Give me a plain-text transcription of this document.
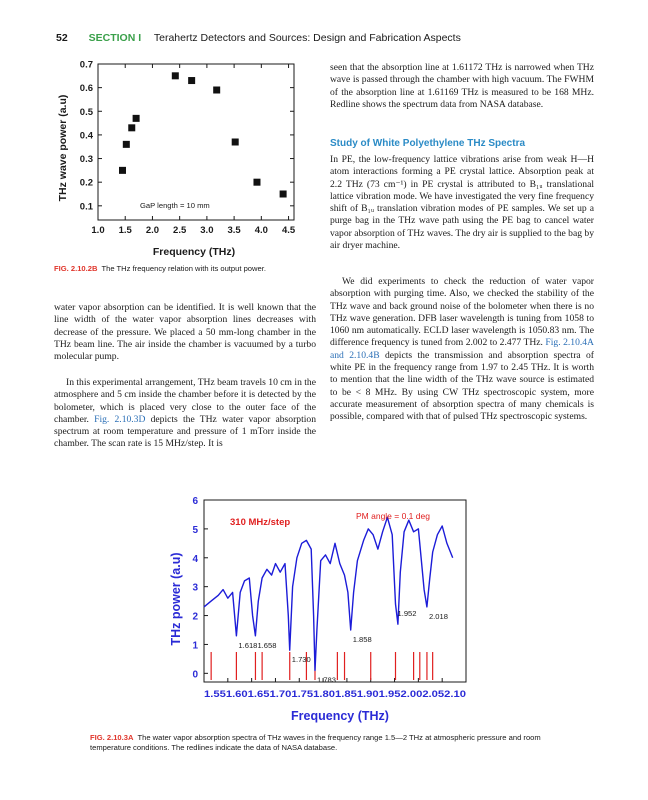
52 SECTION I Terahertz Detectors and Sources: Design and Fabrication Aspects
0.1
0.2
0.3
0.4
0.5
0.6
0.7
1.0 1.5 2.0 2.5 3.0 3.5 4.0 4.5
THz wave power (a.u)
Frequency (THz)
GaP length = 10 mm

FIG. 2.10.2B The THz frequency relation with its output power.

water vapor absorption can be identified. It is well known that the line width of the water vapor absorption lines decreases with decrease of the pressure. We placed a 50 mm-long chamber in the THz beam line. The air inside the chamber is vacuumed by a turbo molecular pump.

In this experimental arrangement, THz beam travels 10 cm in the atmosphere and 5 cm inside the chamber before it is detected by the bolometer, which is placed very close to the outer face of the chamber. Fig. 2.10.3D depicts the THz water vapor absorption spectrum at room temperature and pressure of 1 mTorr inside the chamber. The scan rate is 15 MHz/step. It is

seen that the absorption line at 1.61172 THz is narrowed when THz wave is passed through the chamber with high vacuum. The FWHM of the absorption line at 1.61169 THz is measured to be 168 MHz. Redline shows the spectrum data from NASA database.

Study of White Polyethylene THz Spectra

In PE, the low-frequency lattice vibrations arise from weak H—H atom interactions forming a PE crystal lattice. Absorption peak at 2.2 THz (73 cm⁻¹) in PE crystal is attributed to B₁ᵤ translational lattice vibration mode. We have investigated the very fine frequency shift of B₁ᵤ translation vibration modes of PE samples. We set up a purge bag in the THz wave path using the PE bag to cancel water vapor absorption of THz waves. The dry air is supplied to the bag by air dryer machine.

We did experiments to check the reduction of water vapor absorption with purging time. Also, we checked the stability of the THz wave and back ground noise of the bolometer when there is no THz wave generation. DFB laser wavelength is tuning from 1058 to 1060 nm automatically. ECLD laser wavelength is 1050.83 nm. The difference frequency is tuned from 2.002 to 2.477 THz. Fig. 2.10.4A and 2.10.4B depicts the transmission and absorption spectra of white PE in the frequency range from 1.97 to 2.45 THz. It is worth to mention that the line width of the THz wave source is estimated to be < 8 MHz. By using CW THz spectroscopic system, more accurate measurement of absorption spectra of many chemicals is possible, compared with that of pulsed THz spectroscopic systems.

0
1
2
3
4
5
6
1.618 1.658
1.730
1.783
1.858
1.952 2.018
THz power (a.u)
Frequency (THz)
1.551.601.651.701.751.801.851.901.952.002.052.10
310 MHz/step
PM angle = 0.1 deg

FIG. 2.10.3A The water vapor absorption spectra of THz waves in the frequency range 1.5—2 THz at atmospheric pressure and room temperature conditions. The redlines indicate the data of NASA database.
